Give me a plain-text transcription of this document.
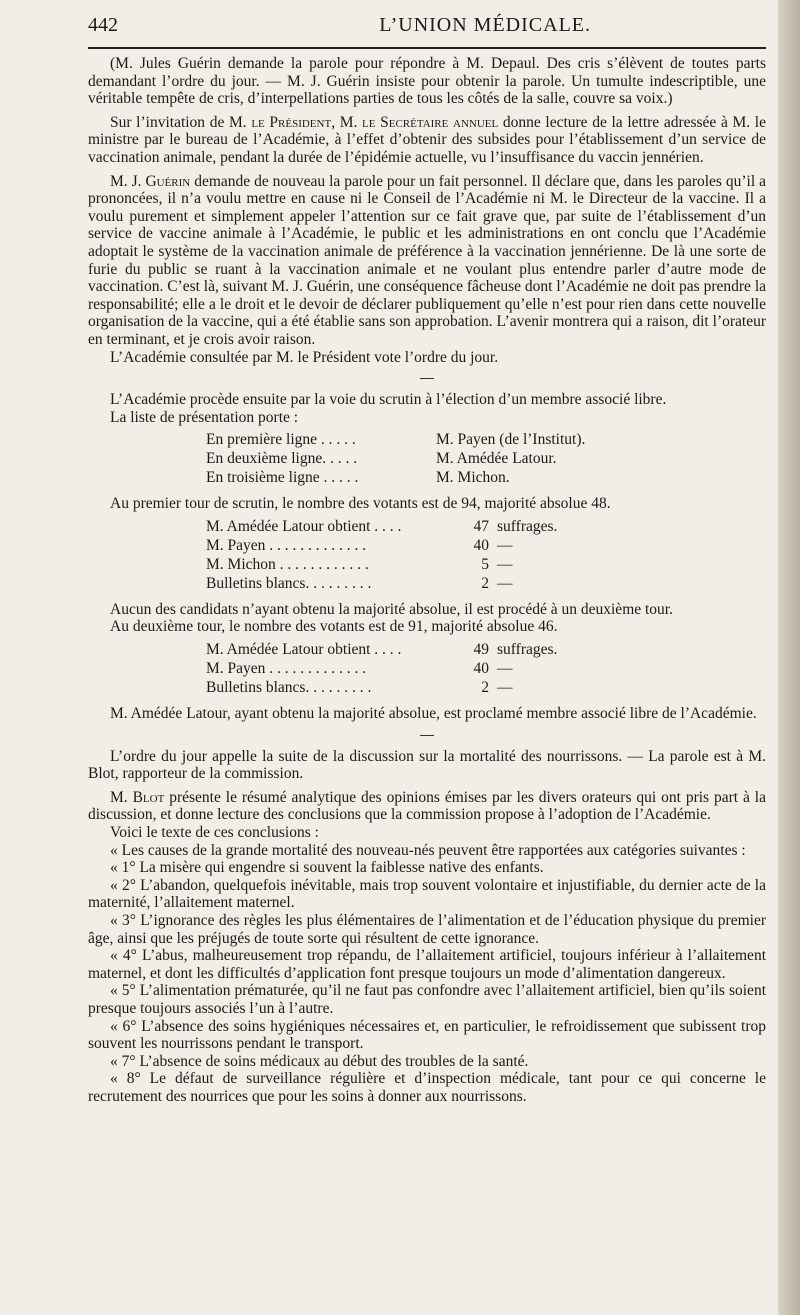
442	L’UNION MÉDICALE.

(M. Jules Guérin demande la parole pour répondre à M. Depaul. Des cris s’élèvent de toutes parts demandant l’ordre du jour. — M. J. Guérin insiste pour obtenir la parole. Un tumulte indescriptible, une véritable tempête de cris, d’interpellations parties de tous les côtés de la salle, couvre sa voix.)

Sur l’invitation de M. le Président, M. le Secrétaire annuel donne lecture de la lettre adressée à M. le ministre par le bureau de l’Académie, à l’effet d’obtenir des subsides pour l’établissement d’un service de vaccination animale, pendant la durée de l’épidémie actuelle, vu l’insuffisance du vaccin jennérien.

M. J. Guérin demande de nouveau la parole pour un fait personnel. Il déclare que, dans les paroles qu’il a prononcées, il n’a voulu mettre en cause ni le Conseil de l’Académie ni M. le Directeur de la vaccine. Il a voulu purement et simplement appeler l’attention sur ce fait grave que, par suite de l’établissement d’un service de vaccine animale à l’Académie, le public et les administrations en ont conclu que l’Académie adoptait le système de la vaccination animale de préférence à la vaccination jennérienne. De là une sorte de furie du public se ruant à la vaccination animale et ne voulant plus entendre parler d’autre mode de vaccination. C’est là, suivant M. J. Guérin, une conséquence fâcheuse dont l’Académie ne doit pas prendre la responsabilité; elle a le droit et le devoir de déclarer publiquement qu’elle n’est pour rien dans cette nouvelle organisation de la vaccine, qui a été établie sans son approbation. L’avenir montrera qui a raison, dit l’orateur en terminant, et je crois avoir raison.

L’Académie consultée par M. le Président vote l’ordre du jour.

L’Académie procède ensuite par la voie du scrutin à l’élection d’un membre associé libre.

La liste de présentation porte :

En première ligne . . . . .	M. Payen (de l’Institut).
En deuxième ligne. . . . .	M. Amédée Latour.
En troisième ligne . . . . .	M. Michon.

Au premier tour de scrutin, le nombre des votants est de 94, majorité absolue 48.

M. Amédée Latour obtient . . . .	47 suffrages.
M. Payen . . . . . . . . . . . . .	40 —
M. Michon . . . . . . . . . . . .	5 —
Bulletins blancs. . . . . . . . .	2 —

Aucun des candidats n’ayant obtenu la majorité absolue, il est procédé à un deuxième tour.

Au deuxième tour, le nombre des votants est de 91, majorité absolue 46.

M. Amédée Latour obtient . . . .	49 suffrages.
M. Payen . . . . . . . . . . . . .	40 —
Bulletins blancs. . . . . . . . .	2 —

M. Amédée Latour, ayant obtenu la majorité absolue, est proclamé membre associé libre de l’Académie.

L’ordre du jour appelle la suite de la discussion sur la mortalité des nourrissons. — La parole est à M. Blot, rapporteur de la commission.

M. Blot présente le résumé analytique des opinions émises par les divers orateurs qui ont pris part à la discussion, et donne lecture des conclusions que la commission propose à l’adoption de l’Académie.

Voici le texte de ces conclusions :

« Les causes de la grande mortalité des nouveau-nés peuvent être rapportées aux catégories suivantes :

« 1° La misère qui engendre si souvent la faiblesse native des enfants.

« 2° L’abandon, quelquefois inévitable, mais trop souvent volontaire et injustifiable, du dernier acte de la maternité, l’allaitement maternel.

« 3° L’ignorance des règles les plus élémentaires de l’alimentation et de l’éducation physique du premier âge, ainsi que les préjugés de toute sorte qui résultent de cette ignorance.

« 4° L’abus, malheureusement trop répandu, de l’allaitement artificiel, toujours inférieur à l’allaitement maternel, et dont les difficultés d’application font presque toujours un mode d’alimentation dangereux.

« 5° L’alimentation prématurée, qu’il ne faut pas confondre avec l’allaitement artificiel, bien qu’ils soient presque toujours associés l’un à l’autre.

« 6° L’absence des soins hygiéniques nécessaires et, en particulier, le refroidissement que subissent trop souvent les nourrissons pendant le transport.

« 7° L’absence de soins médicaux au début des troubles de la santé.

« 8° Le défaut de surveillance régulière et d’inspection médicale, tant pour ce qui concerne le recrutement des nourrices que pour les soins à donner aux nourrissons.
